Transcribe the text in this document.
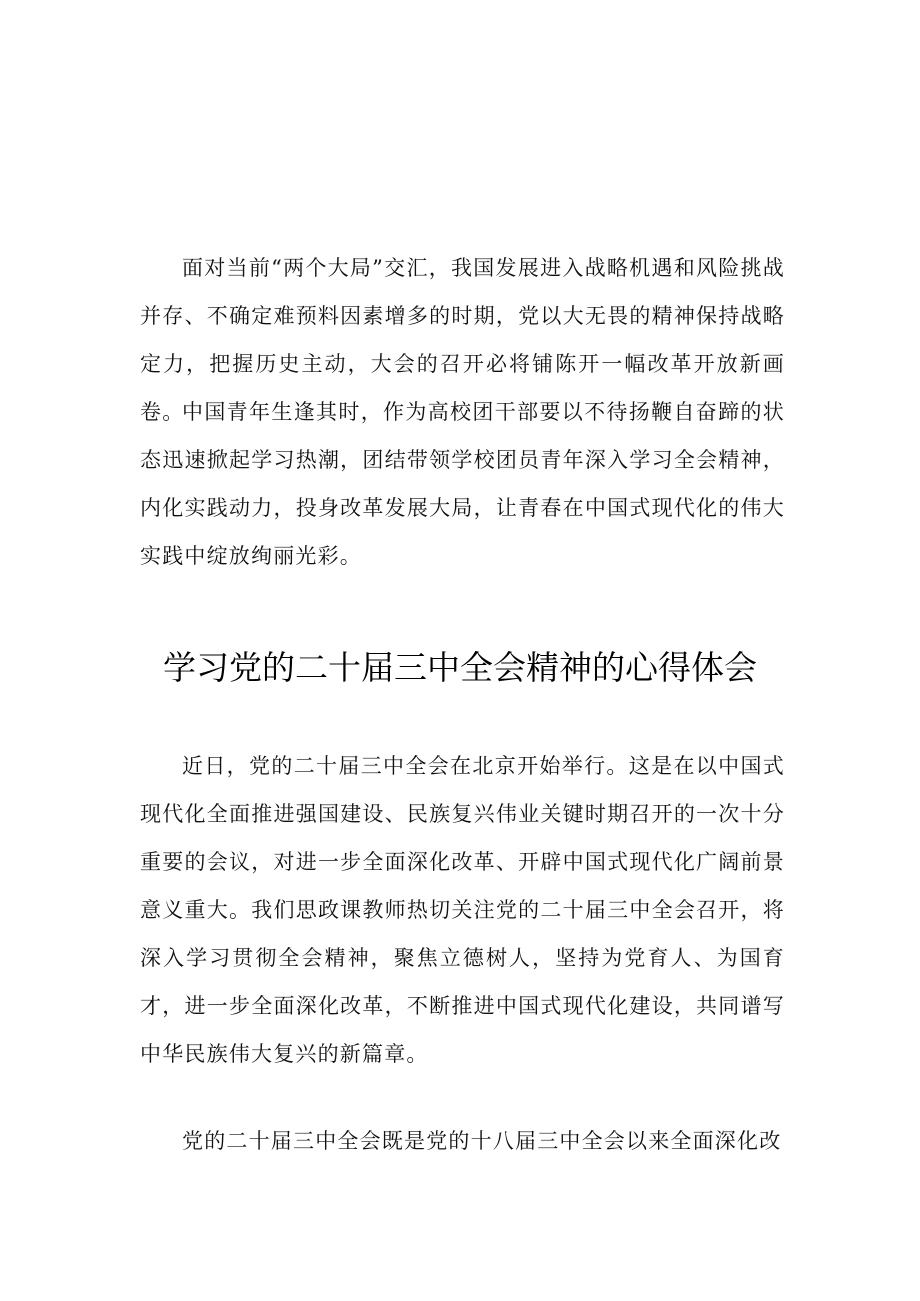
面对当前“两个大局”交汇，我国发展进入战略机遇和风险挑战并存、不确定难预料因素增多的时期，党以大无畏的精神保持战略定力，把握历史主动，大会的召开必将铺陈开一幅改革开放新画卷。

中国青年生逢其时，作为高校团干部要以不待扬鞭自奋蹄的状态迅速掀起学习热潮，团结带领学校团员青年深入学习全会精神，内化实践动力，投身改革发展大局，让青春在中国式现代化的伟大实践中绽放绚丽光彩。

学习党的二十届三中全会精神的心得体会

近日，党的二十届三中全会在北京开始举行。这是在以中国式现代化全面推进强国建设、民族复兴伟业关键时期召开的一次十分重要的会议，对进一步全面深化改革、开辟中国式现代化广阔前景意义重大。我们思政课教师热切关注党的二十届三中全会召开，将深入学习贯彻全会精神，聚焦立德树人，坚持为党育人、为国育才，进一步全面深化改革，不断推进中国式现代化建设，共同谱写中华民族伟大复兴的新篇章。

党的二十届三中全会既是党的十八届三中全会以来全面深化改
